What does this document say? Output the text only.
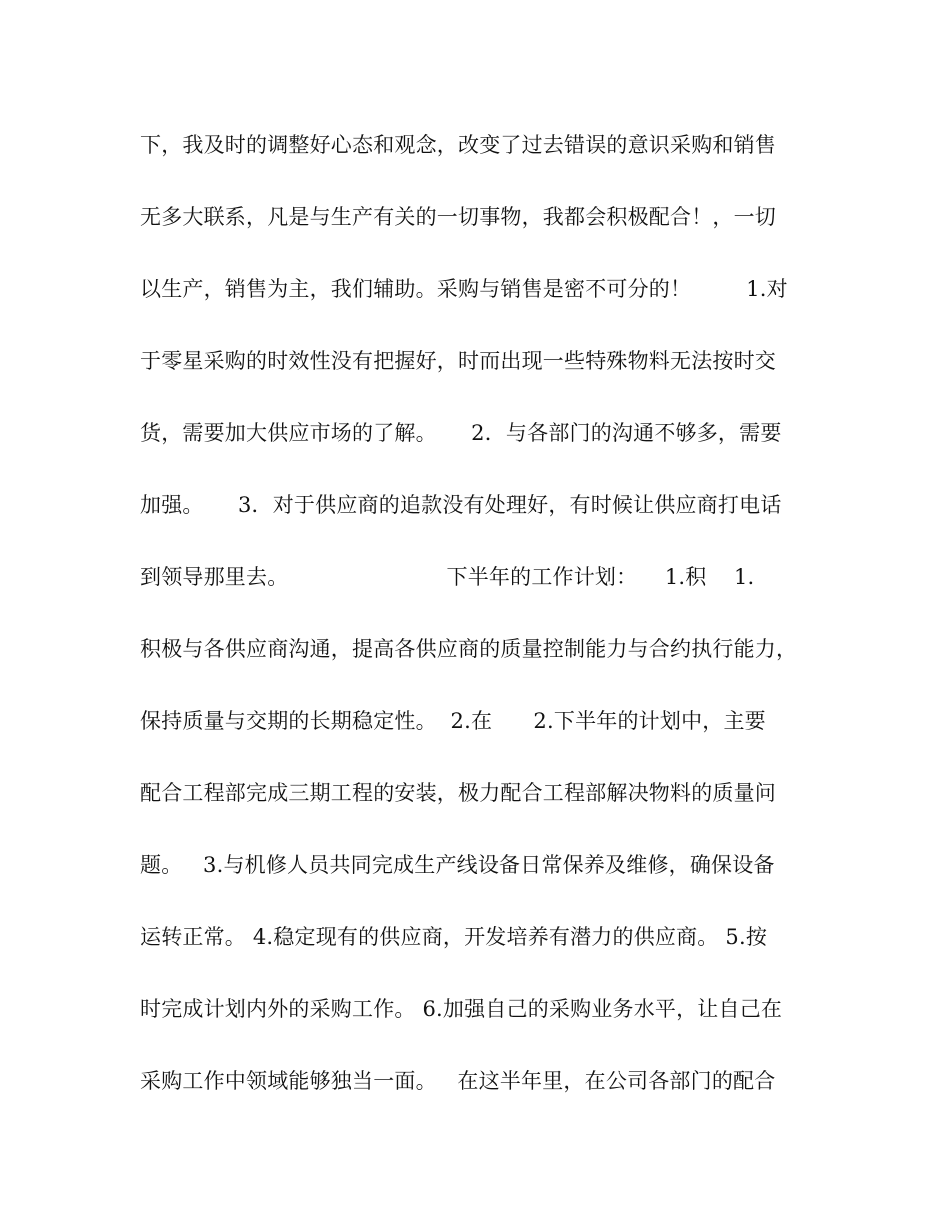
下，我及时的调整好心态和观念，改变了过去错误的意识采购和销售
无多大联系，凡是与生产有关的一切事物，我都会积极配合！，一切
以生产，销售为主，我们辅助。采购与销售是密不可分的！        1.对
于零星采购的时效性没有把握好，时而出现一些特殊物料无法按时交
货，需要加大供应市场的了解。     2．与各部门的沟通不够多，需要
加强。     3．对于供应商的追款没有处理好，有时候让供应商打电话
到领导那里去。                       下半年的工作计划：    1.积    1.
积极与各供应商沟通，提高各供应商的质量控制能力与合约执行能力，
保持质量与交期的长期稳定性。  2.在      2.下半年的计划中，主要
配合工程部完成三期工程的安装，极力配合工程部解决物料的质量问
题。   3.与机修人员共同完成生产线设备日常保养及维修，确保设备
运转正常。 4.稳定现有的供应商，开发培养有潜力的供应商。 5.按
时完成计划内外的采购工作。 6.加强自己的采购业务水平，让自己在
采购工作中领域能够独当一面。   在这半年里，在公司各部门的配合
